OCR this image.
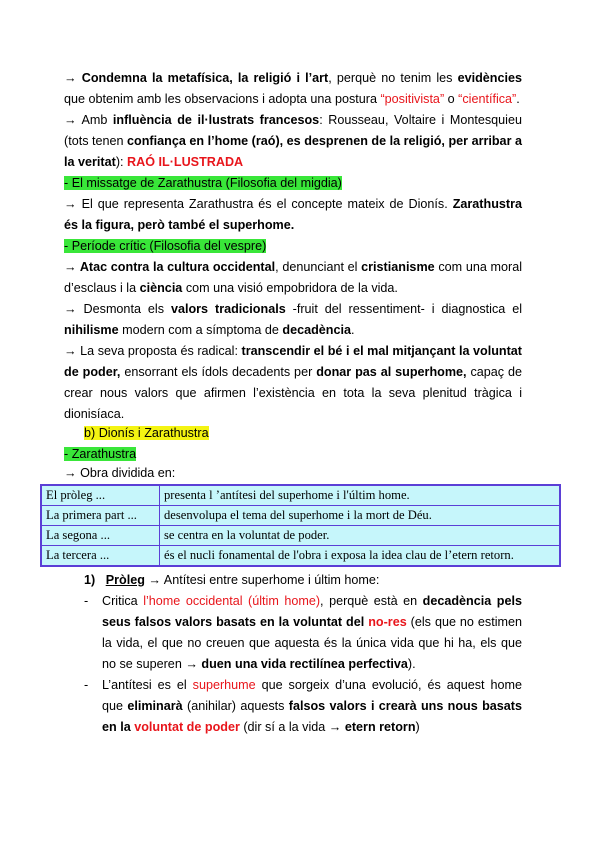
→ Condemna la metafísica, la religió i l’art, perquè no tenim les evidències que obtenim amb les observacions i adopta una postura “positivista” o “científica”.
→ Amb influència de il·lustrats francesos: Rousseau, Voltaire i Montesquieu (tots tenen confiança en l’home (raó), es desprenen de la religió, per arribar a la veritat): RAÓ IL·LUSTRADA
- El missatge de Zarathustra (Filosofia del migdia)
→ El que representa Zarathustra és el concepte mateix de Dionís. Zarathustra és la figura, però també el superhome.
- Període crític (Filosofia del vespre)
→ Atac contra la cultura occidental, denunciant el cristianisme com una moral d’esclaus i la ciència com una visió empobridora de la vida.
→ Desmonta els valors tradicionals -fruit del ressentiment- i diagnostica el nihilisme modern com a símptoma de decadència.
→ La seva proposta és radical: transcendir el bé i el mal mitjançant la voluntat de poder, ensorrant els ídols decadents per donar pas al superhome, capaç de crear nous valors que afirmen l’existència en tota la seva plenitud tràgica i dionisíaca.
b) Dionís i Zarathustra
- Zarathustra
→ Obra dividida en:
El pròleg ...	presenta l ’antítesi del superhome i l'últim home.
La primera part ...	desenvolupa el tema del superhome i la mort de Déu.
La segona ...	se centra en la voluntat de poder.
La tercera ...	és el nucli fonamental de l'obra i exposa la idea clau de l’etern retorn.
1) Pròleg → Antítesi entre superhome i últim home:
- Critica l’home occidental (últim home), perquè està en decadència pels seus falsos valors basats en la voluntat del no-res (els que no estimen la vida, el que no creuen que aquesta és la única vida que hi ha, els que no se superen → duen una vida rectilínea perfectiva).
- L’antítesi es el superhume que sorgeix d’una evolució, és aquest home que eliminarà (anihilar) aquests falsos valors i crearà uns nous basats en la voluntat de poder (dir sí a la vida → etern retorn)
